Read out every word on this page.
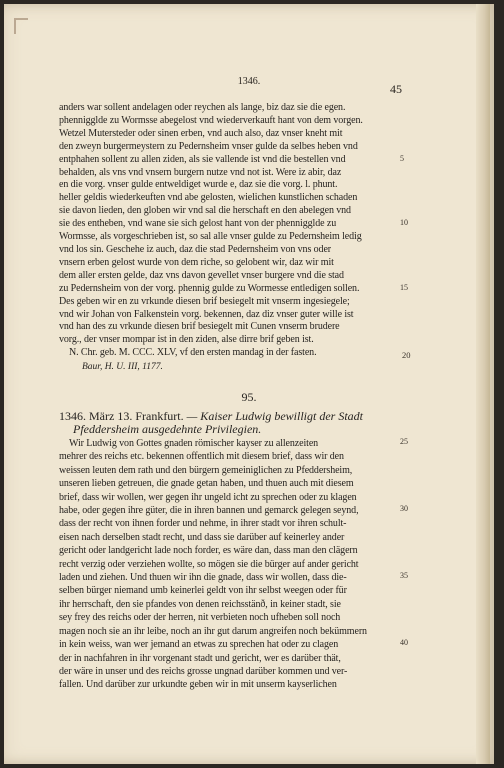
1346.
45

anders war sollent andelagen oder reychen als lange, biz daz sie die egen.

phennigglde zu Wormsse abegelost vnd wiederverkauft hant von dem vorgen.

Wetzel Mutersteder oder sinen erben, vnd auch also, daz vnser kneht mit

den zweyn burgermeystern zu Pedernsheim vnser gulde da selbes heben vnd

entphahen sollent zu allen ziden, als sie vallende ist vnd die bestellen vnd

behalden, als vns vnd vnsern burgern nutze vnd not ist. Were iz abir, daz

en die vorg. vnser gulde entweldiget wurde e, daz sie die vorg. l. phunt.

heller geldis wiederkeuften vnd abe gelosten, wielichen kunstlichen schaden

sie davon lieden, den globen wir vnd sal die herschaft en den abelegen vnd

sie des entheben, vnd wane sie sich gelost hant von der phennigglde zu

Wormsse, als vorgeschrieben ist, so sal alle vnser gulde zu Pedernsheim ledig

vnd los sin. Geschehe iz auch, daz die stad Pedernsheim von vns oder

vnsern erben gelost wurde von dem riche, so gelobent wir, daz wir mit

dem aller ersten gelde, daz vns davon gevellet vnser burgere vnd die stad

zu Pedernsheim von der vorg. phennig gulde zu Wormesse entledigen sollen.

Des geben wir en zu vrkunde diesen brif besiegelt mit vnserm ingesiegele;

vnd wir Johan von Falkenstein vorg. bekennen, daz diz vnser guter wille ist

vnd han des zu vrkunde diesen brif besiegelt mit Cunen vnserm brudere

vorg., der vnser mompar ist in den ziden, alse dirre brif geben ist.

5
10
15
N. Chr. geb. M. CCC. XLV, vf den ersten mandag in der fasten.	20
Baur, H. U. III, 1177.
95.
1346. März 13. Frankfurt. — Kaiser Ludwig bewilligt der Stadt
Pfeddersheim ausgedehnte Privilegien.

Wir Ludwig von Gottes gnaden römischer kayser zu allenzeiten

mehrer des reichs etc. bekennen offentlich mit diesem brief, dass wir den

weissen leuten dem rath und den bürgern gemeiniglichen zu Pfeddersheim,

unseren lieben getreuen, die gnade getan haben, und thuen auch mit diesem

brief, dass wir wollen, wer gegen ihr ungeld icht zu sprechen oder zu klagen

habe, oder gegen ihre güter, die in ihren bannen und gemarck gelegen seynd,

dass der recht von ihnen forder und nehme, in ihrer stadt vor ihren schult-

eisen nach derselben stadt recht, und dass sie darüber auf keinerley ander

gericht oder landgericht lade noch forder, es wäre dan, dass man den clägern

recht verzig oder verziehen wollte, so mögen sie die bürger auf ander gericht

laden und ziehen. Und thuen wir ihn die gnade, dass wir wollen, dass die-

selben bürger niemand umb keinerlei geldt von ihr selbst weegen oder für

ihr herrschaft, den sie pfandes von denen reichsstänð, in keiner stadt, sie

sey frey des reichs oder der herren, nit verbieten noch ufheben soll noch

magen noch sie an ihr leibe, noch an ihr gut darum angreifen noch bekümmern

in kein weiss, wan wer jemand an etwas zu sprechen hat oder zu clagen

der in nachfahren in ihr vorgenant stadt und gericht, wer es darüber thät,

der wäre in unser und des reichs grosse ungnad darüber kommen und ver-

fallen. Und darüber zur urkundte geben wir in mit unserm kayserlichen

25
30
35
40
